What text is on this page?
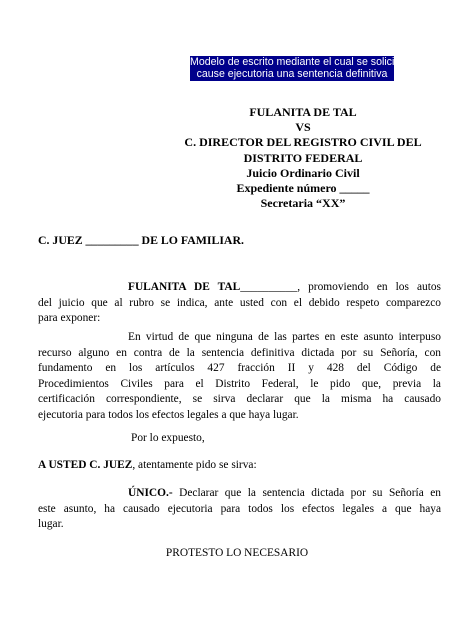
Modelo de escrito mediante el cual se solicita
cause ejecutoria una sentencia definitiva
FULANITA DE TAL
VS
C. DIRECTOR DEL REGISTRO CIVIL DEL
DISTRITO FEDERAL
Juicio Ordinario Civil
Expediente número _____
Secretaria “XX”
C. JUEZ _________ DE LO FAMILIAR.
FULANITA DE TAL__________, promoviendo en los autos
del juicio que al rubro se indica, ante usted con el debido respeto comparezco
para exponer:
En virtud de que ninguna de las partes en este asunto interpuso
recurso alguno en contra de la sentencia definitiva dictada por su Señoría, con
fundamento en los artículos 427 fracción II y 428 del Código de
Procedimientos Civiles para el Distrito Federal, le pido que, previa la
certificación correspondiente, se sirva declarar que la misma ha causado
ejecutoria para todos los efectos legales a que haya lugar.
Por lo expuesto,
A USTED C. JUEZ, atentamente pido se sirva:
ÚNICO.- Declarar que la sentencia dictada por su Señoría en
este asunto, ha causado ejecutoria para todos los efectos legales a que haya
lugar.
PROTESTO LO NECESARIO
